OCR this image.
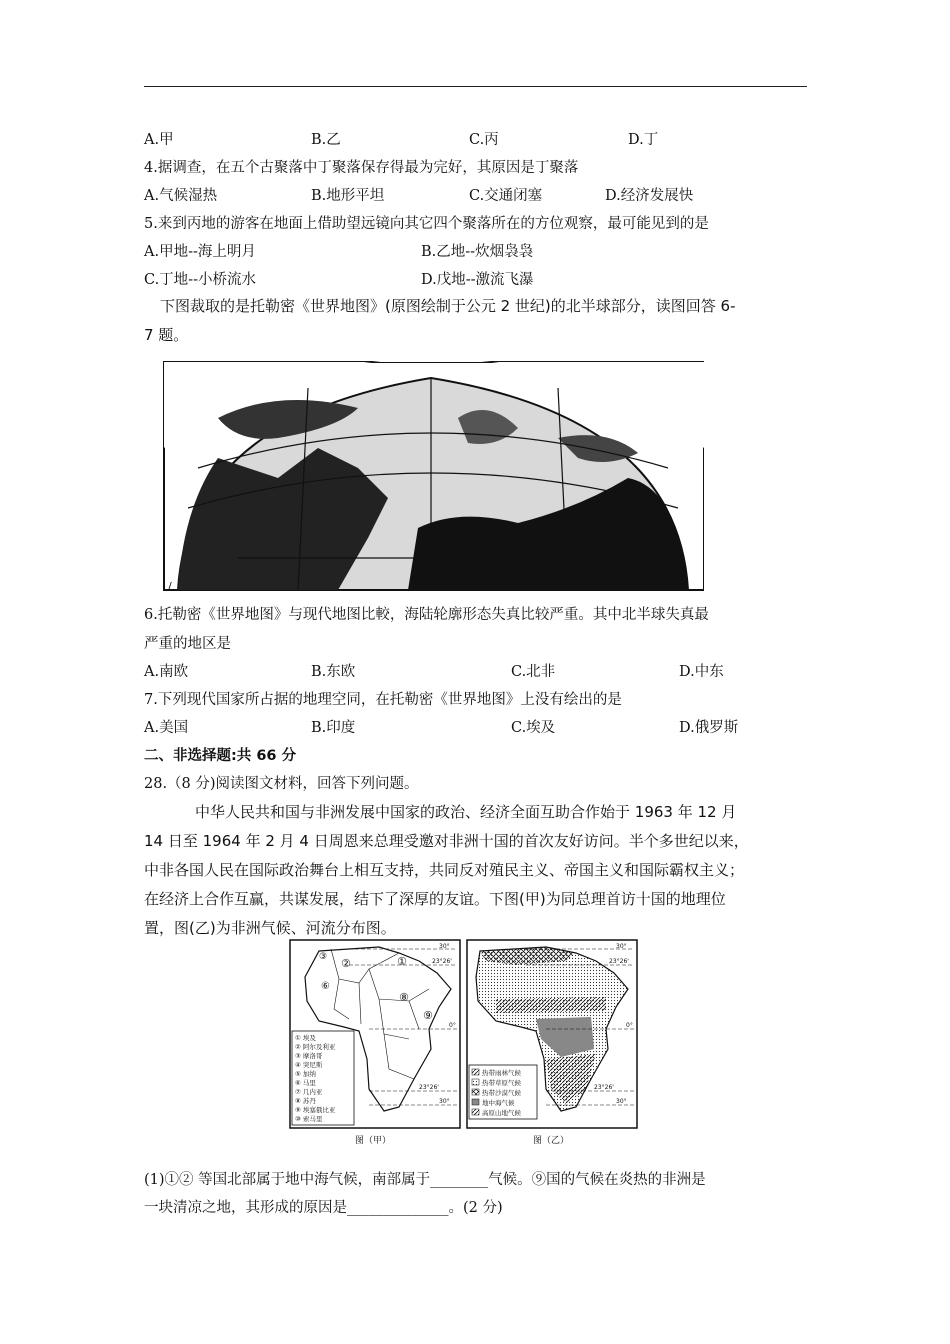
A.甲	B.乙	C.丙	D.丁
4.据调查，在五个古聚落中丁聚落保存得最为完好，其原因是丁聚落
A.气候湿热	B.地形平坦	C.交通闭塞	D.经济发展快
5.来到丙地的游客在地面上借助望远镜向其它四个聚落所在的方位观察，最可能见到的是
A.甲地--海上明月	B.乙地--炊烟袅袅
C.丁地--小桥流水	D.戊地--激流飞瀑
下图裁取的是托勒密《世界地图》(原图绘制于公元 2 世纪)的北半球部分，读图回答 6-
7 题。
/
6.托勒密《世界地图》与现代地图比較，海陆轮廓形态失真比较严重。其中北半球失真最
严重的地区是
A.南欧	B.东欧	C.北非	D.中东
7.下列现代国家所占据的地理空同，在托勒密《世界地图》上没有绘出的是
A.美国	B.印度	C.埃及	D.俄罗斯
二、非选择题:共 66 分
28.（8 分)阅读图文材料，回答下列问题。
中华人民共和国与非洲发展中国家的政治、经济全面互助合作始于 1963 年 12 月
14 日至 1964 年 2 月 4 日周恩来总理受邀对非洲十国的首次友好访问。半个多世纪以来，
中非各国人民在国际政治舞台上相互支持，共同反对殖民主义、帝国主义和国际霸权主义；
在经济上合作互赢，共谋发展，结下了深厚的友谊。下图(甲)为同总理首访十国的地理位
置，图(乙)为非洲气候、河流分布图。
30°
23°26'
0°
23°26'
30°
①
②
③
⑥
⑧
⑨
① 埃及
② 阿尔及利亚
③ 摩洛哥
④ 突尼斯
⑤ 加纳
⑥ 马里
⑦ 几内亚
⑧ 苏丹
⑨ 埃塞俄比亚
⑩ 索马里
图（甲）
30°
23°26'
0°
23°26'
30°
热带雨林气候
热带草原气候
热带沙漠气候
地中海气候
高原山地气候
图（乙）
(1)①② 等国北部属于地中海气候，南部属于________气候。⑨国的气候在炎热的非洲是
一块清凉之地，其形成的原因是______________。(2 分)
